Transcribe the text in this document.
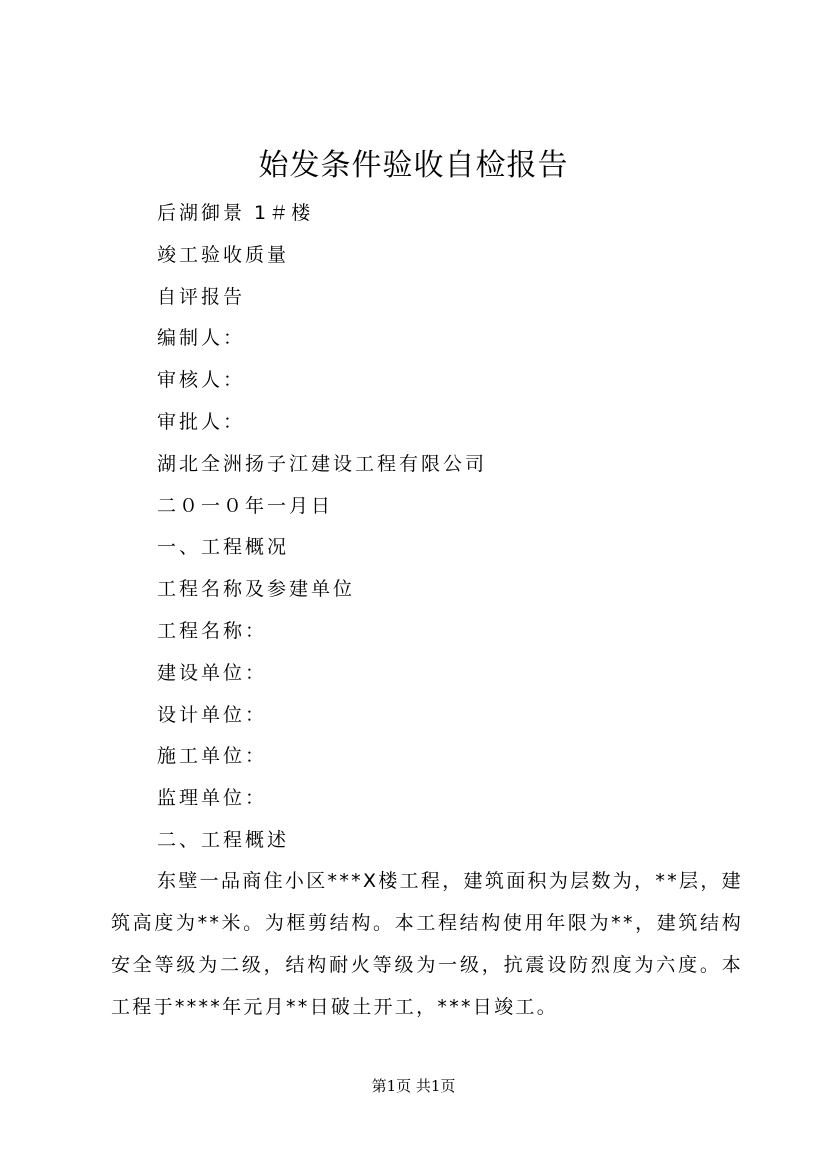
始发条件验收自检报告
后湖御景 1＃楼
竣工验收质量
自评报告
编制人：
审核人：
审批人：
湖北全洲扬子江建设工程有限公司
二０一０年一月日
一、工程概况
工程名称及参建单位
工程名称：
建设单位：
设计单位：
施工单位：
监理单位：
二、工程概述

东壁一品商住小区***X楼工程，建筑面积为层数为，**层，建筑高度为**米。为框剪结构。本工程结构使用年限为**，建筑结构安全等级为二级，结构耐火等级为一级，抗震设防烈度为六度。本工程于****年元月**日破土开工，***日竣工。

第1页 共1页
